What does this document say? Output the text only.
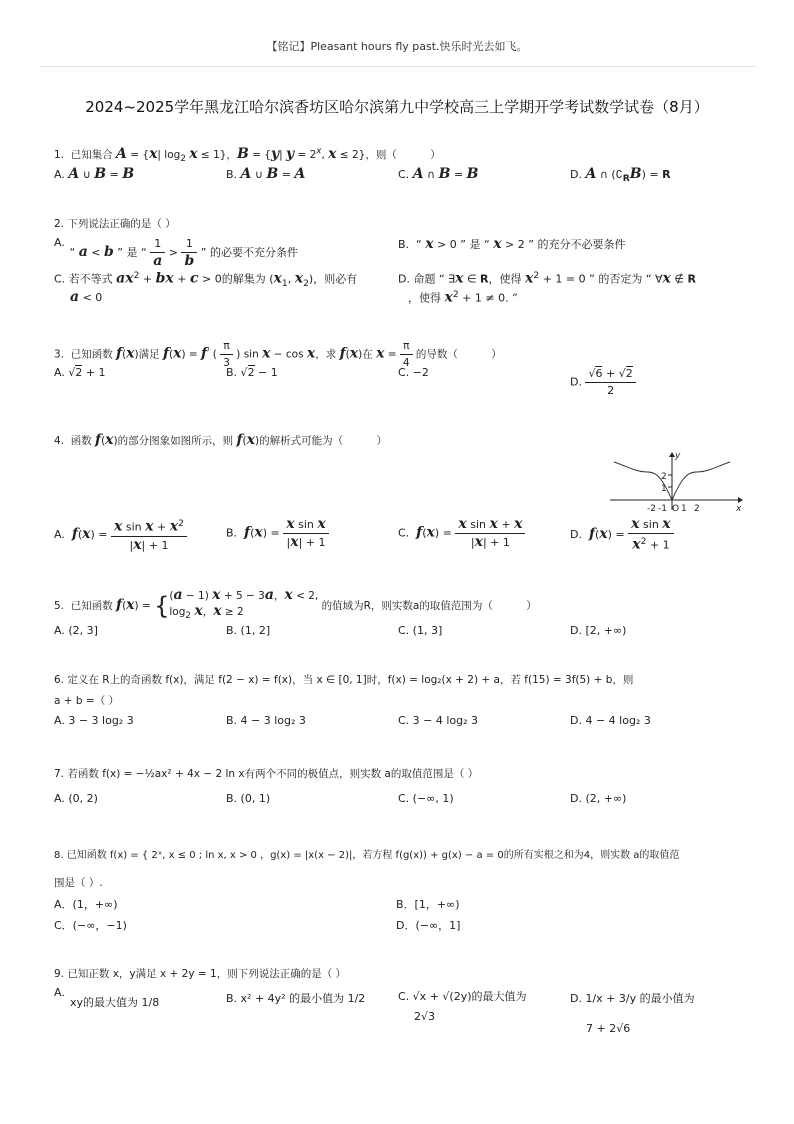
【铭记】Pleasant hours fly past.快乐时光去如飞。
2024~2025学年黑龙江哈尔滨香坊区哈尔滨第九中学校高三上学期开学考试数学试卷（8月）
1.  已知集合 A = {x| $\log_2 x \le 1$}，B = {y| $y = 2^x$, x ≤ 2}，则（          ）
A. A ∪ B = B	B. A ∪ B = A	C. A ∩ B = B	D. A ∩ $(∁_RB) = R$
2. 下列说法正确的是（ ）
A.
“ a < b ” 是 “ $\frac{1}{a} > \frac{1}{b}$ ” 的必要不充分条件
B.  “ x > 0 ” 是 “ x > 2 ” 的充分不必要条件
C. 若不等式 $ax^2$ + bx + c > 0的解集为 ($x_1$, $x_2$)，则必有
a < 0
D. 命题 “ ∃x ∈ R，使得 $x^2 + 1 = 0$ ” 的否定为 “ ∀x ∉ R
，使得 $x^2 + 1 \ne 0$. ”
3.  已知函数 f(x)满足 f(x) = f′ ( $\frac{\pi}{3}$ ) sin x − cos x，求 f(x)在 $x = \frac{\pi}{4}$ 的导数（          ）
A. √2 + 1	B. √2 − 1	C. −2
D. $\frac{√6 + √2}{2}$
4.  函数 f(x)的部分图象如图所示，则 f(x)的解析式可能为（          ）
2
1
y
x
-2 -1 O 1 2
A.  $f(x) = \frac{x \sin x + x^2}{|x| + 1}$	B.  $f(x) = \frac{\text{x sin x}}{|x| + 1}$	C.  $f(x) = \frac{\text{x sin x + x}}{|x| + 1}$	D.  $f(x) = \frac{\text{x sin x}}{x^2 + 1}$
5.  已知函数 f(x) = {(a − 1) x + 5 − 3a，x < 2,
$\log_2 x$，x ≥ 2	的值域为R，则实数a的取值范围为（          ）
A. (2, 3]	B. (1, 2]	C. (1, 3]	D. [2, +∞)
6. 定义在 R上的奇函数 f(x)，满足 f(2 − x) = f(x)，当 x ∈ [0, 1]时，f(x) = log₂(x + 2) + a，若 f(15) = 3f(5) + b，则
a + b =（ ）
A. 3 − 3 log₂ 3	B. 4 − 3 log₂ 3	C. 3 − 4 log₂ 3	D. 4 − 4 log₂ 3
7. 若函数 f(x) = −½ax² + 4x − 2 ln x有两个不同的极值点，则实数 a的取值范围是（ ）
A. (0, 2)	B. (0, 1)	C. (−∞, 1)	D. (2, +∞)
8. 已知函数 f(x) = { 2ˣ, x ≤ 0 ; ln x, x > 0 ，g(x) = |x(x − 2)|，若方程 f(g(x)) + g(x) − a = 0的所有实根之和为4，则实数 a的取值范
围是（ ）.
A．(1，+∞)	B．[1，+∞)
C．(−∞，−1)	D．(−∞，1]
9. 已知正数 x，y满足 x + 2y = 1，则下列说法正确的是（ ）
A.
xy的最大值为 1/8	B. x² + 4y² 的最小值为 1/2	C. √x + √(2y)的最大值为
2√3
D. 1/x + 3/y 的最小值为
7 + 2√6
